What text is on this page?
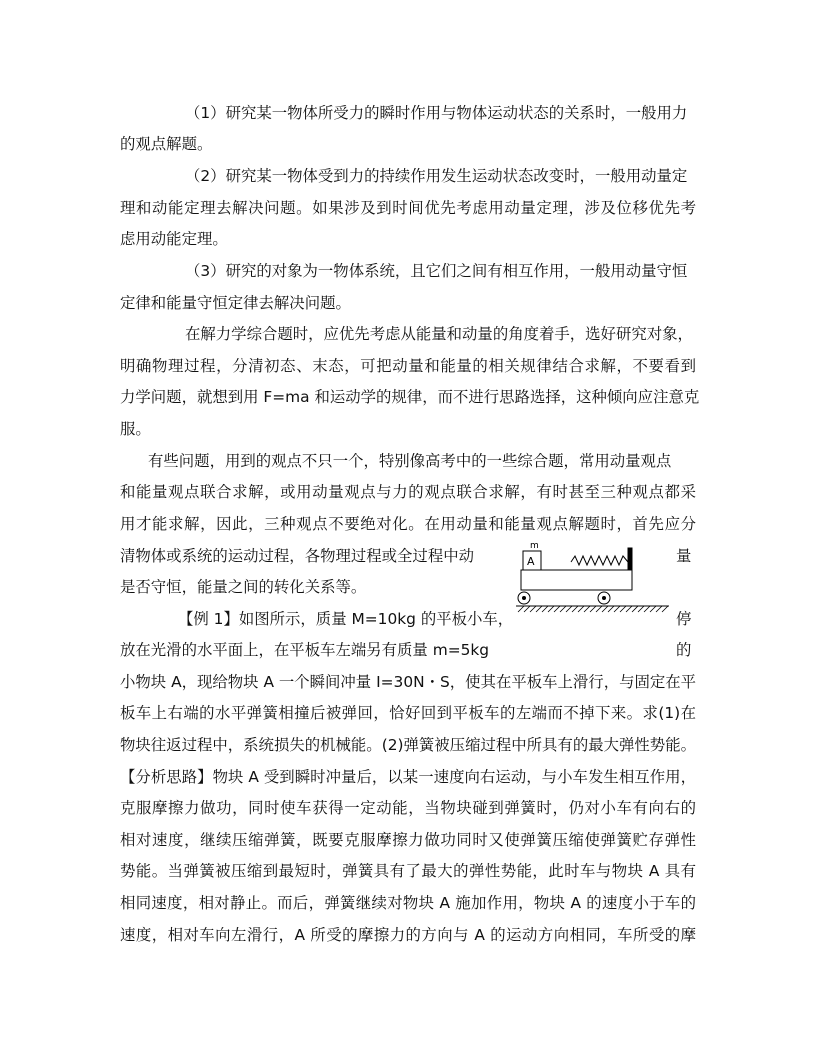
（1）研究某一物体所受力的瞬时作用与物体运动状态的关系时，一般用力
的观点解题。
（2）研究某一物体受到力的持续作用发生运动状态改变时，一般用动量定
理和动能定理去解决问题。如果涉及到时间优先考虑用动量定理，涉及位移优先考
虑用动能定理。
（3）研究的对象为一物体系统，且它们之间有相互作用，一般用动量守恒
定律和能量守恒定律去解决问题。
在解力学综合题时，应优先考虑从能量和动量的角度着手，选好研究对象，
明确物理过程，分清初态、末态，可把动量和能量的相关规律结合求解，不要看到
力学问题，就想到用 F=ma 和运动学的规律，而不进行思路选择，这种倾向应注意克
服。
有些问题，用到的观点不只一个，特别像高考中的一些综合题，常用动量观点
和能量观点联合求解，或用动量观点与力的观点联合求解，有时甚至三种观点都采
用才能求解，因此，三种观点不要绝对化。在用动量和能量观点解题时，首先应分
清物体或系统的运动过程，各物理过程或全过程中动	量
是否守恒，能量之间的转化关系等。
m
A
【例 1】如图所示，质量 M=10kg 的平板小车，	停
放在光滑的水平面上，在平板车左端另有质量 m=5kg	的
小物块 A，现给物块 A 一个瞬间冲量 I=30N・S，使其在平板车上滑行，与固定在平
板车上右端的水平弹簧相撞后被弹回，恰好回到平板车的左端而不掉下来。求(1)在
物块往返过程中，系统损失的机械能。(2)弹簧被压缩过程中所具有的最大弹性势能。
【分析思路】物块 A 受到瞬时冲量后，以某一速度向右运动，与小车发生相互作用，
克服摩擦力做功，同时使车获得一定动能，当物块碰到弹簧时，仍对小车有向右的
相对速度，继续压缩弹簧，既要克服摩擦力做功同时又使弹簧压缩使弹簧贮存弹性
势能。当弹簧被压缩到最短时，弹簧具有了最大的弹性势能，此时车与物块 A 具有
相同速度，相对静止。而后，弹簧继续对物块 A 施加作用，物块 A 的速度小于车的
速度，相对车向左滑行，A 所受的摩擦力的方向与 A 的运动方向相同，车所受的摩
